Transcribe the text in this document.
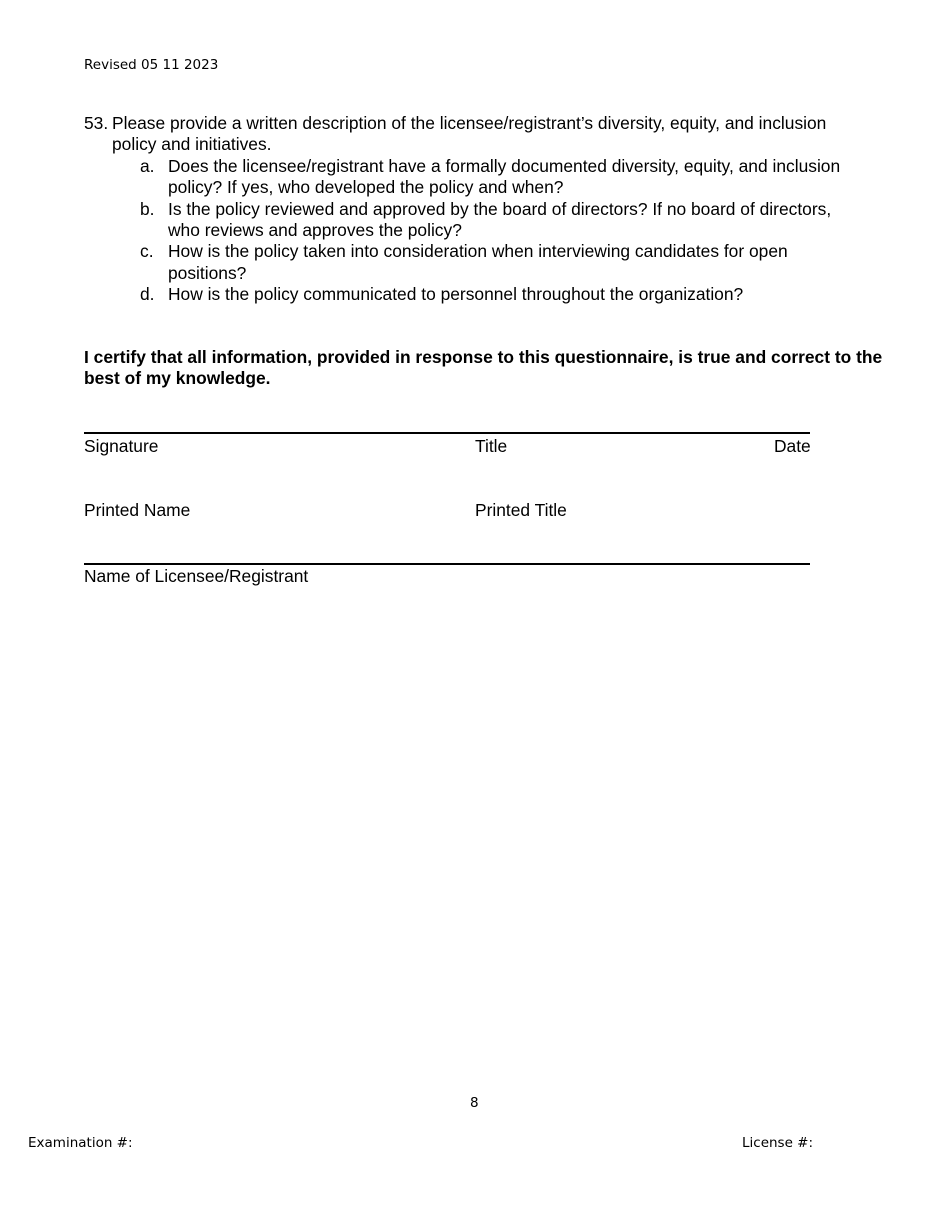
Revised 05 11 2023
53. Please provide a written description of the licensee/registrant’s diversity, equity, and inclusion policy and initiatives.
a. Does the licensee/registrant have a formally documented diversity, equity, and inclusion policy? If yes, who developed the policy and when?
b. Is the policy reviewed and approved by the board of directors? If no board of directors, who reviews and approves the policy?
c. How is the policy taken into consideration when interviewing candidates for open positions?
d. How is the policy communicated to personnel throughout the organization?
I certify that all information, provided in response to this questionnaire, is true and correct to the best of my knowledge.
Signature	Title	Date
Printed Name	Printed Title
Name of Licensee/Registrant
8
Examination #:	License #:
